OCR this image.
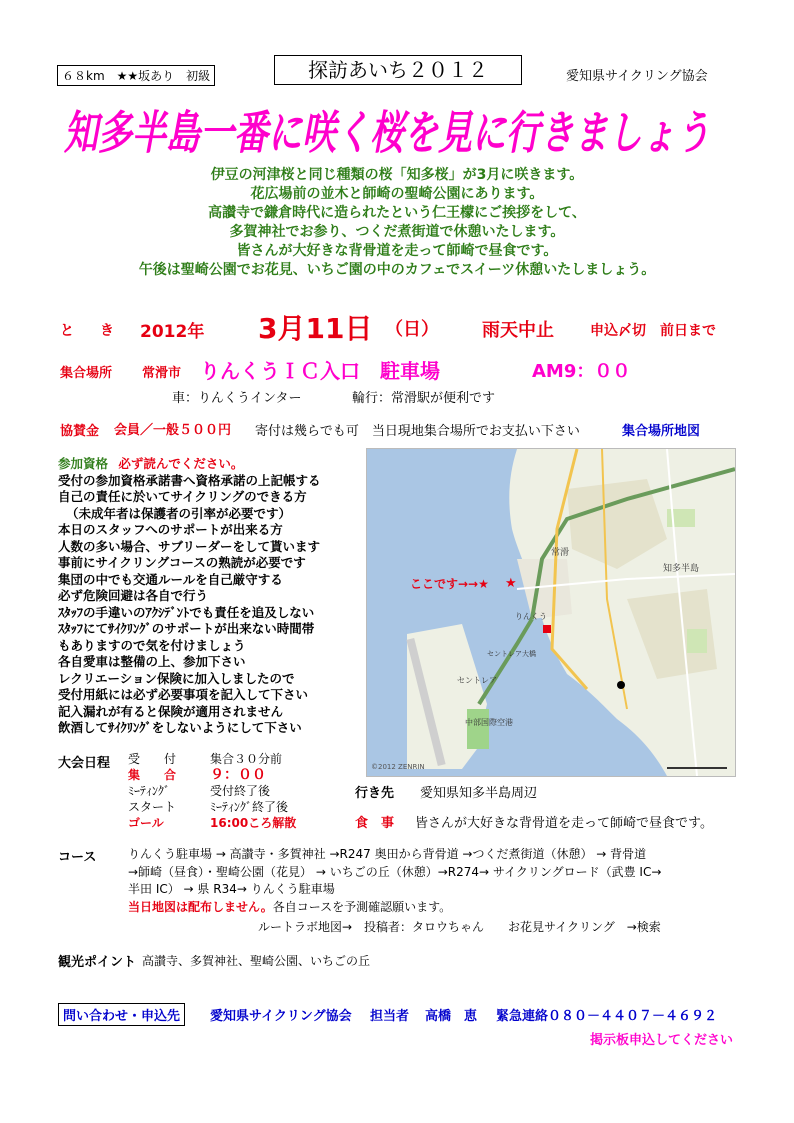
６８km　★★坂あり　初級	探訪あいち２０１２	愛知県サイクリング協会
知多半島一番に咲く桜を見に行きましょう
伊豆の河津桜と同じ種類の桜「知多桜」が3月に咲きます。
花広場前の並木と師崎の聖崎公園にあります。
高讃寺で鎌倉時代に造られたという仁王檬にご挨拶をして、
多賀神社でお参り、つくだ煮街道で休憩いたします。
皆さんが大好きな背骨道を走って師崎で昼食です。
午後は聖崎公園でお花見、いちご園の中のカフェでスイーツ休憩いたしましょう。
と　き 2012年 3月11日 （日） 雨天中止	申込〆切　前日まで
集合場所 常滑市 りんくうＩＣ入口　駐車場	AM9：００
車：りんくうインター	輪行：常滑駅が便利です
協賛金 会員／一般５００円 寄付は幾らでも可　当日現地集合場所でお支払い下さい	集合場所地図
参加資格 必ず読んでください。
受付の参加資格承諾書へ資格承諾の上記帳する
自己の責任に於いてサイクリングのできる方
（未成年者は保護者の引率が必要です）
本日のスタッフへのサポートが出来る方
人数の多い場合、サブリーダーをして貰います
事前にサイクリングコースの熟読が必要です
集団の中でも交通ルールを自己厳守する
必ず危険回避は各自で行う
ｽﾀｯﾌの手違いのｱｸｼﾃﾞﾝﾄでも責任を追及しない
ｽﾀｯﾌにてｻｲｸﾘﾝｸﾞのサポートが出来ない時間帯
もありますので気を付けましょう
各自愛車は整備の上、参加下さい
レクリエーション保険に加入しましたので
受付用紙には必ず必要事項を記入して下さい
記入漏れが有ると保険が適用されません
飲酒してｻｲｸﾘﾝｸﾞをしないようにして下さい
★
中部国際空港
セントレア
常滑
知多半島
りんくう
セントレア大橋
©2012 ZENRIN
ここです→→★
大会日程 受　　付	集合３０分前
集　　合 ９：００
ﾐｰﾃｨﾝｸﾞ	受付終了後
スタート	ﾐｰﾃｨﾝｸﾞ終了後
ゴール	16:00ころ解散
行き先 愛知県知多半島周辺
食　事 皆さんが大好きな背骨道を走って師崎で昼食です。
コース	りんくう駐車場 → 高讃寺・多賀神社 →R247 奥田から背骨道 →つくだ煮街道（休憩） → 背骨道
→師崎（昼食）・聖崎公園（花見） → いちごの丘（休憩）→R274→ サイクリングロード（武豊 IC→
半田 IC） → 県 R34→ りんくう駐車場
当日地図は配布しません。各自コースを予測確認願います。
ルートラボ地図→　投稿者：タロウちゃん　　お花見サイクリング　→検索
観光ポイント 高讃寺、多賀神社、聖崎公園、いちごの丘
問い合わせ・申込先	愛知県サイクリング協会 担当者 高橋　恵 緊急連絡０８０－４４０７－４６９２
掲示板申込してください
